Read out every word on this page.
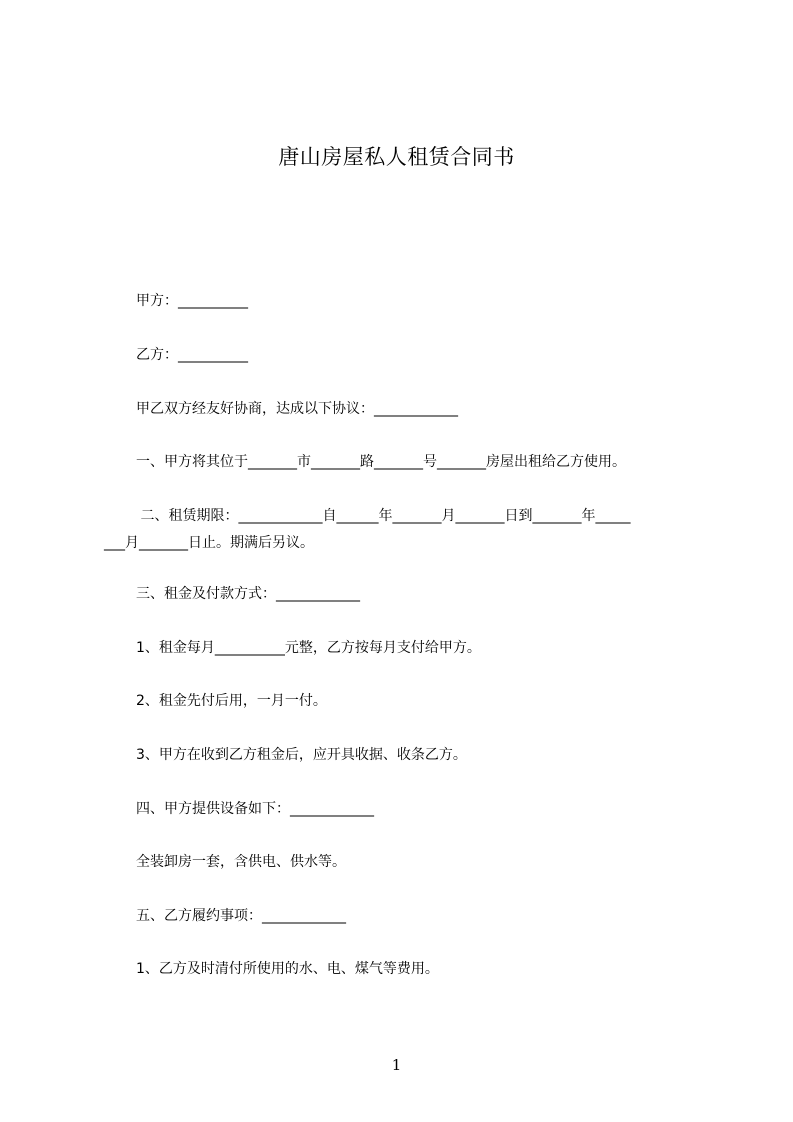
唐山房屋私人租赁合同书
甲方：__________
乙方：__________
甲乙双方经友好协商，达成以下协议：____________
一、甲方将其位于_______市_______路_______号_______房屋出租给乙方使用。
二、租赁期限：____________自______年_______月_______日到_______年_____
___月_______日止。期满后另议。
三、租金及付款方式：____________
1、租金每月__________元整，乙方按每月支付给甲方。
2、租金先付后用，一月一付。
3、甲方在收到乙方租金后，应开具收据、收条乙方。
四、甲方提供设备如下：____________
全装卸房一套，含供电、供水等。
五、乙方履约事项：____________
1、乙方及时清付所使用的水、电、煤气等费用。
1
